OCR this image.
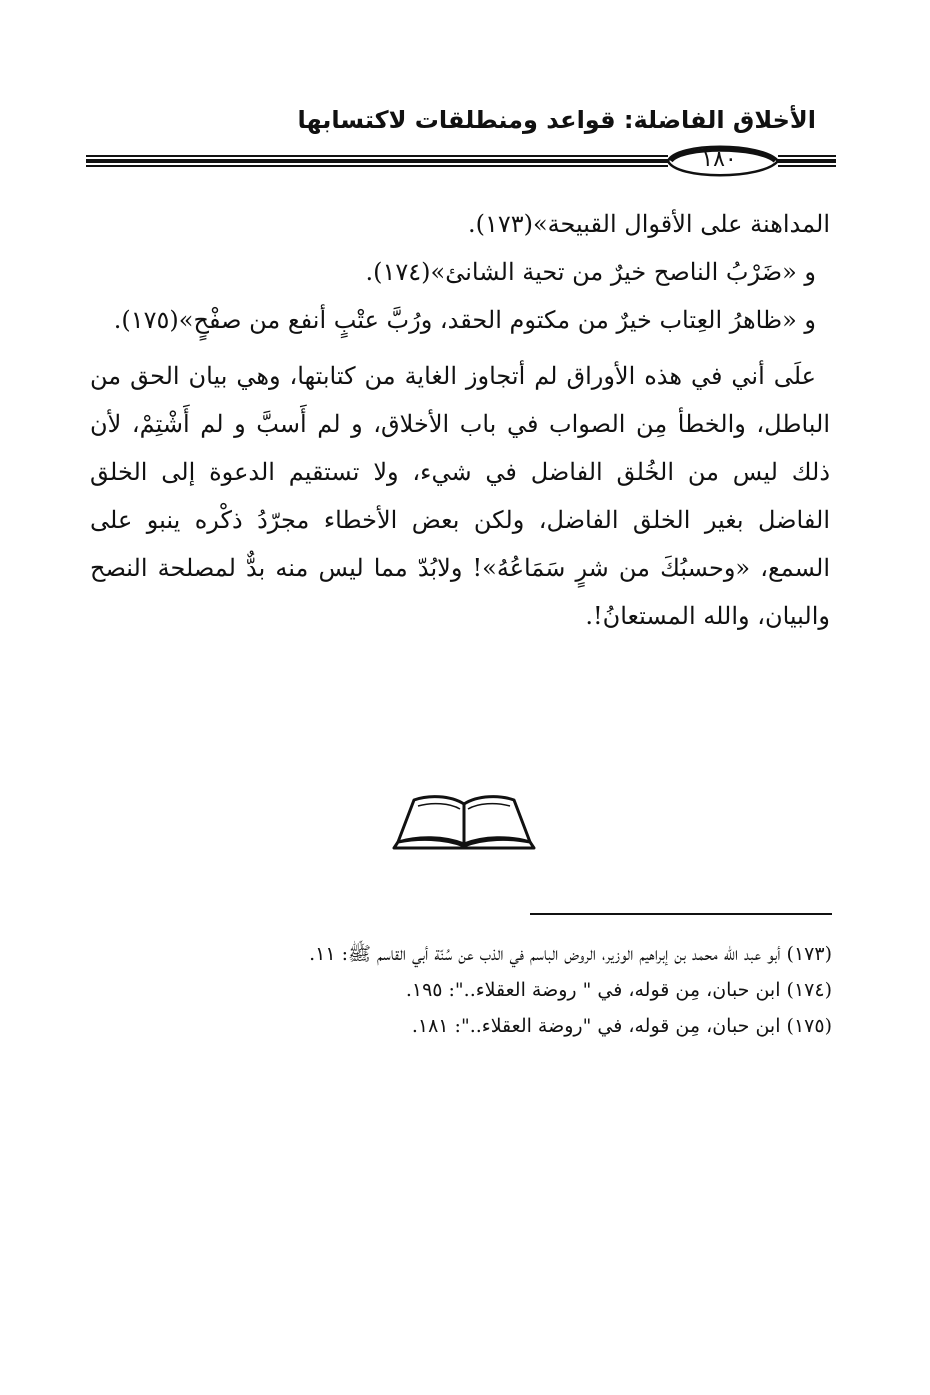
الأخلاق الفاضلة: قواعد ومنطلقات لاكتسابها
١٨٠

المداهنة على الأقوال القبيحة»(١٧٣).

و «ضَرْبُ الناصح خيرٌ من تحية الشانئ»(١٧٤).

و «ظاهرُ العِتاب خيرٌ من مكتوم الحقد، ورُبَّ عتْبٍ أنفع من صفْحٍ»(١٧٥).

علَى أني في هذه الأوراق لم أتجاوز الغاية من كتابتها، وهي بيان الحق من الباطل، والخطأ مِن الصواب في باب الأخلاق، و لم أَسبَّ و لم أَشْتِمْ، لأن ذلك ليس من الخُلق الفاضل في شيء، ولا تستقيم الدعوة إلى الخلق الفاضل بغير الخلق الفاضل، ولكن بعض الأخطاء مجرّدُ ذكْره ينبو على السمع، «وحسبُكَ من شرٍ سَمَاعُهُ»! ولابُدّ مما ليس منه بدٌّ لمصلحة النصح والبيان، والله المستعانُ!.

(١٧٣) أبو عبد الله محمد بن إبراهيم الوزير، الروض الباسم في الذب عن سُنّة أبي القاسم ﷺ: ١١.

(١٧٤) ابن حبان، مِن قوله، في " روضة العقلاء..": ١٩٥.

(١٧٥) ابن حبان، مِن قوله، في "روضة العقلاء..": ١٨١.
